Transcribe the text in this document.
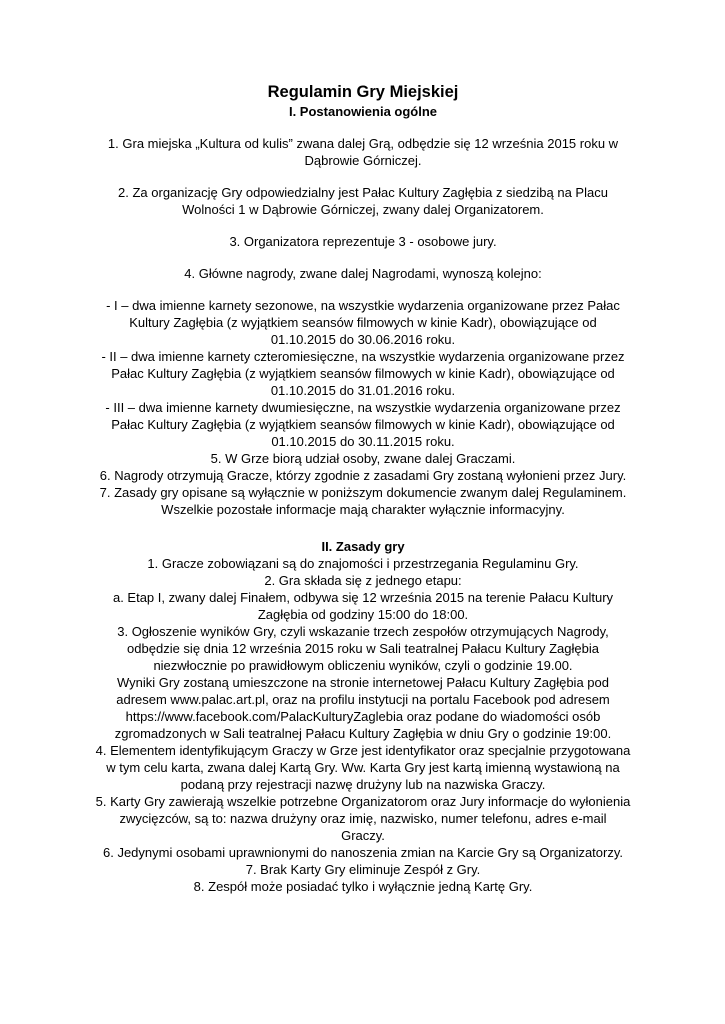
Regulamin Gry Miejskiej
I. Postanowienia ogólne

1. Gra miejska „Kultura od kulis” zwana dalej Grą, odbędzie się 12 września 2015 roku w
Dąbrowie Górniczej.

2. Za organizację Gry odpowiedzialny jest Pałac Kultury Zagłębia z siedzibą na Placu
Wolności 1 w Dąbrowie Górniczej, zwany dalej Organizatorem.

3. Organizatora reprezentuje 3 - osobowe jury.

4. Główne nagrody, zwane dalej Nagrodami, wynoszą kolejno:

- I – dwa imienne karnety sezonowe, na wszystkie wydarzenia organizowane przez Pałac
Kultury Zagłębia (z wyjątkiem seansów filmowych w kinie Kadr), obowiązujące od
01.10.2015 do 30.06.2016 roku.
- II – dwa imienne karnety czteromiesięczne, na wszystkie wydarzenia organizowane przez
Pałac Kultury Zagłębia (z wyjątkiem seansów filmowych w kinie Kadr), obowiązujące od
01.10.2015 do 31.01.2016 roku.
- III – dwa imienne karnety dwumiesięczne, na wszystkie wydarzenia organizowane przez
Pałac Kultury Zagłębia (z wyjątkiem seansów filmowych w kinie Kadr), obowiązujące od
01.10.2015 do 30.11.2015 roku.
5. W Grze biorą udział osoby, zwane dalej Graczami.
6. Nagrody otrzymują Gracze, którzy zgodnie z zasadami Gry zostaną wyłonieni przez Jury.
7. Zasady gry opisane są wyłącznie w poniższym dokumencie zwanym dalej Regulaminem.
Wszelkie pozostałe informacje mają charakter wyłącznie informacyjny.

II. Zasady gry

1. Gracze zobowiązani są do znajomości i przestrzegania Regulaminu Gry.
2. Gra składa się z jednego etapu:
a. Etap I, zwany dalej Finałem, odbywa się 12 września 2015 na terenie Pałacu Kultury
Zagłębia od godziny 15:00 do 18:00.
3. Ogłoszenie wyników Gry, czyli wskazanie trzech zespołów otrzymujących Nagrody,
odbędzie się dnia 12 września 2015 roku w Sali teatralnej Pałacu Kultury Zagłębia
niezwłocznie po prawidłowym obliczeniu wyników, czyli o godzinie 19.00.
Wyniki Gry zostaną umieszczone na stronie internetowej Pałacu Kultury Zagłębia pod
adresem www.palac.art.pl, oraz na profilu instytucji na portalu Facebook pod adresem
https://www.facebook.com/PalacKulturyZaglebia oraz podane do wiadomości osób
zgromadzonych w Sali teatralnej Pałacu Kultury Zagłębia w dniu Gry o godzinie 19:00.
4. Elementem identyfikującym Graczy w Grze jest identyfikator oraz specjalnie przygotowana
w tym celu karta, zwana dalej Kartą Gry. Ww. Karta Gry jest kartą imienną wystawioną na
podaną przy rejestracji nazwę drużyny lub na nazwiska Graczy.
5. Karty Gry zawierają wszelkie potrzebne Organizatorom oraz Jury informacje do wyłonienia
zwycięzców, są to: nazwa drużyny oraz imię, nazwisko, numer telefonu, adres e-mail
Graczy.
6. Jedynymi osobami uprawnionymi do nanoszenia zmian na Karcie Gry są Organizatorzy.
7. Brak Karty Gry eliminuje Zespół z Gry.
8. Zespół może posiadać tylko i wyłącznie jedną Kartę Gry.
